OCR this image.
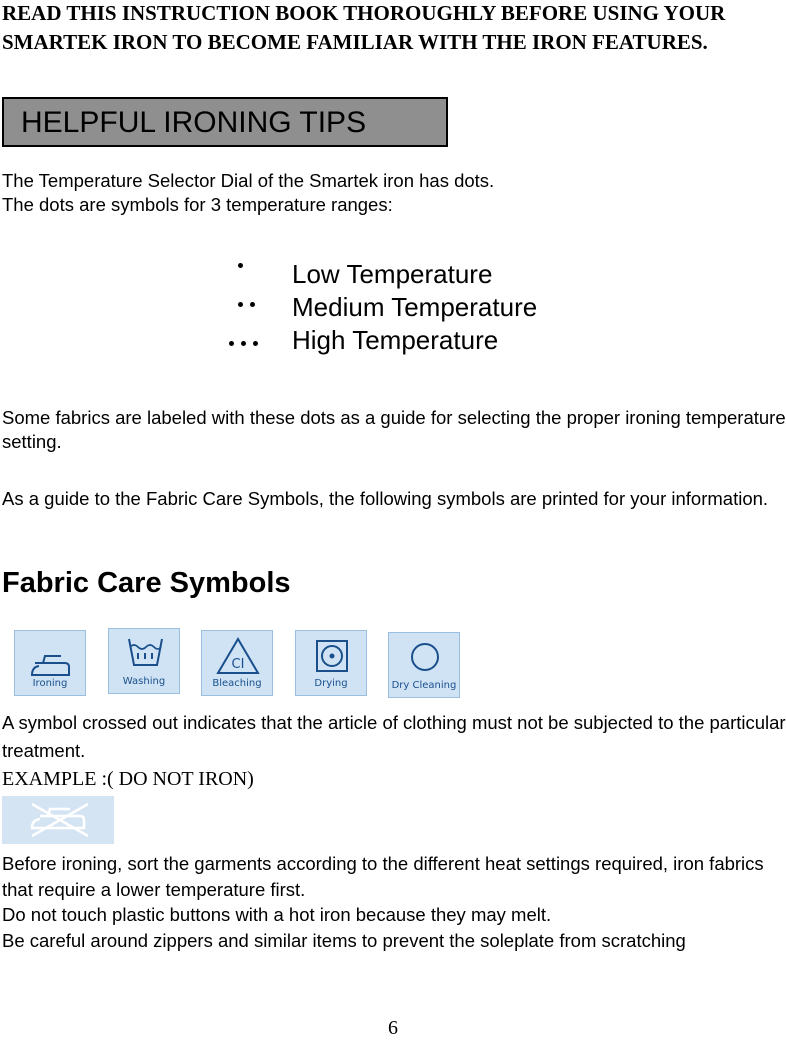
READ THIS INSTRUCTION BOOK THOROUGHLY BEFORE USING YOUR SMARTEK IRON TO BECOME FAMILIAR WITH THE IRON FEATURES.
HELPFUL IRONING TIPS
The Temperature Selector Dial of the Smartek iron has dots.
The dots are symbols for 3 temperature ranges:
Low Temperature
Medium Temperature
High Temperature
Some fabrics are labeled with these dots as a guide for selecting the proper ironing temperature setting.
As a guide to the Fabric Care Symbols, the following symbols are printed for your information.
Fabric Care Symbols
Ironing	Washing
CI
Bleaching	Drying	Dry Cleaning
A symbol crossed out indicates that the article of clothing must not be subjected to the particular treatment.
EXAMPLE :( DO NOT IRON)
Before ironing, sort the garments according to the different heat settings required, iron fabrics that require a lower temperature first.
Do not touch plastic buttons with a hot iron because they may melt.
Be careful around zippers and similar items to prevent the soleplate from scratching
6
